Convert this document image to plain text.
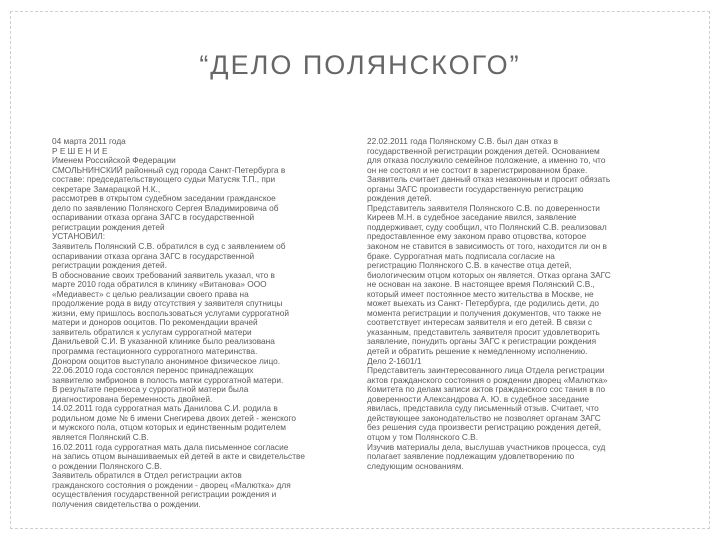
“ДЕЛО ПОЛЯНСКОГО”
04 марта 2011 года
Р Е Ш Е Н И Е
Именем Российской Федерации
СМОЛЬНИНСКИЙ районный суд города Санкт-Петербурга в
составе: председательствующего судьи Матусяк Т.П., при
секретаре Замарацкой Н.К.,
рассмотрев в открытом судебном заседании гражданское
дело по заявлению Полянского Сергея Владимировича об
оспаривании отказа органа ЗАГС в государственной
регистрации рождения детей
УСТАНОВИЛ:
Заявитель Полянский С.В. обратился в суд с заявлением об
оспаривании отказа органа ЗАГС в государственной
регистрации рождения детей.
В обоснование своих требований заявитель указал, что в
марте 2010 года обратился в клинику «Витанова» ООО
«Медиавест» с целью реализации своего права на
продолжение рода в виду отсутствия у заявителя спутницы
жизни, ему пришлось воспользоваться услугами суррогатной
матери и доноров ооцитов. По рекомендации врачей
заявитель обратился к услугам суррогатной матери
Данильевой С.И. В указанной клинике было реализована
программа гестационного суррогатного материнства.
Донором ооцитов выступало анонимное физическое лицо.
22.06.2010 года состоялся перенос принадлежащих
заявителю эмбрионов в полость матки суррогатной матери.
В результате переноса у суррогатной матери была
диагностирована беременность двойней.
14.02.2011 года суррогатная мать Данилова С.И. родила в
родильном доме № 6 имени Снегирева двоих детей - женского
и мужского пола, отцом которых и единственным родителем
является Полянский С.В.
16.02.2011 года суррогатная мать дала письменное согласие
на запись отцом вынашиваемых ей детей в акте и свидетельстве
о рождении Полянского С.В.
Заявитель обратился в Отдел регистрации актов
гражданского состояния о рождении - дворец «Малютка» для
осуществления государственной регистрации рождения и
получения свидетельства о рождении.
22.02.2011 года Полянскому С.В. был дан отказ в
государственной регистрации рождения детей. Основанием
для отказа послужило семейное положение, а именно то, что
он не состоял и не состоит в зарегистрированном браке.
Заявитель считает данный отказ незаконным и просит обязать
органы ЗАГС произвести государственную регистрацию
рождения детей.
Представитель заявителя Полянского С.В. по доверенности
Киреев М.Н. в судебное заседание явился, заявление
поддерживает, суду сообщил, что Полянский С.В. реализовал
предоставленное ему законом право отцовства, которое
законом не ставится в зависимость от того, находится ли он в
браке. Суррогатная мать подписала согласие на
регистрацию Полянского С.В. в качестве отца детей,
биологическим отцом которых он является. Отказ органа ЗАГС
не основан на законе. В настоящее время Полянский С.В.,
который имеет постоянное место жительства в Москве, не
может выехать из Санкт- Петербурга, где родились дети, до
момента регистрации и получения документов, что также не
соответствует интересам заявителя и его детей. В связи с
указанным, представитель заявителя просит удовлетворить
заявление, понудить органы ЗАГС к регистрации рождения
детей и обратить решение к немедленному исполнению.
Дело 2-1601/1
Представитель заинтересованного лица Отдела регистрации
актов гражданского состояния о рождении дворец «Малютка»
Комитета по делам записи актов гражданского сос тания в по
доверенности Александрова А. Ю. в судебное заседание
явилась, представила суду письменный отзыв. Считает, что
действующее законодательство не позволяет органам ЗАГС
без решения суда произвести регистрацию рождения детей,
отцом у том Полянского С.В.
Изучив материалы дела, выслушав участников процесса, суд
полагает заявление подлежащим удовлетворению по
следующим основаниям.
